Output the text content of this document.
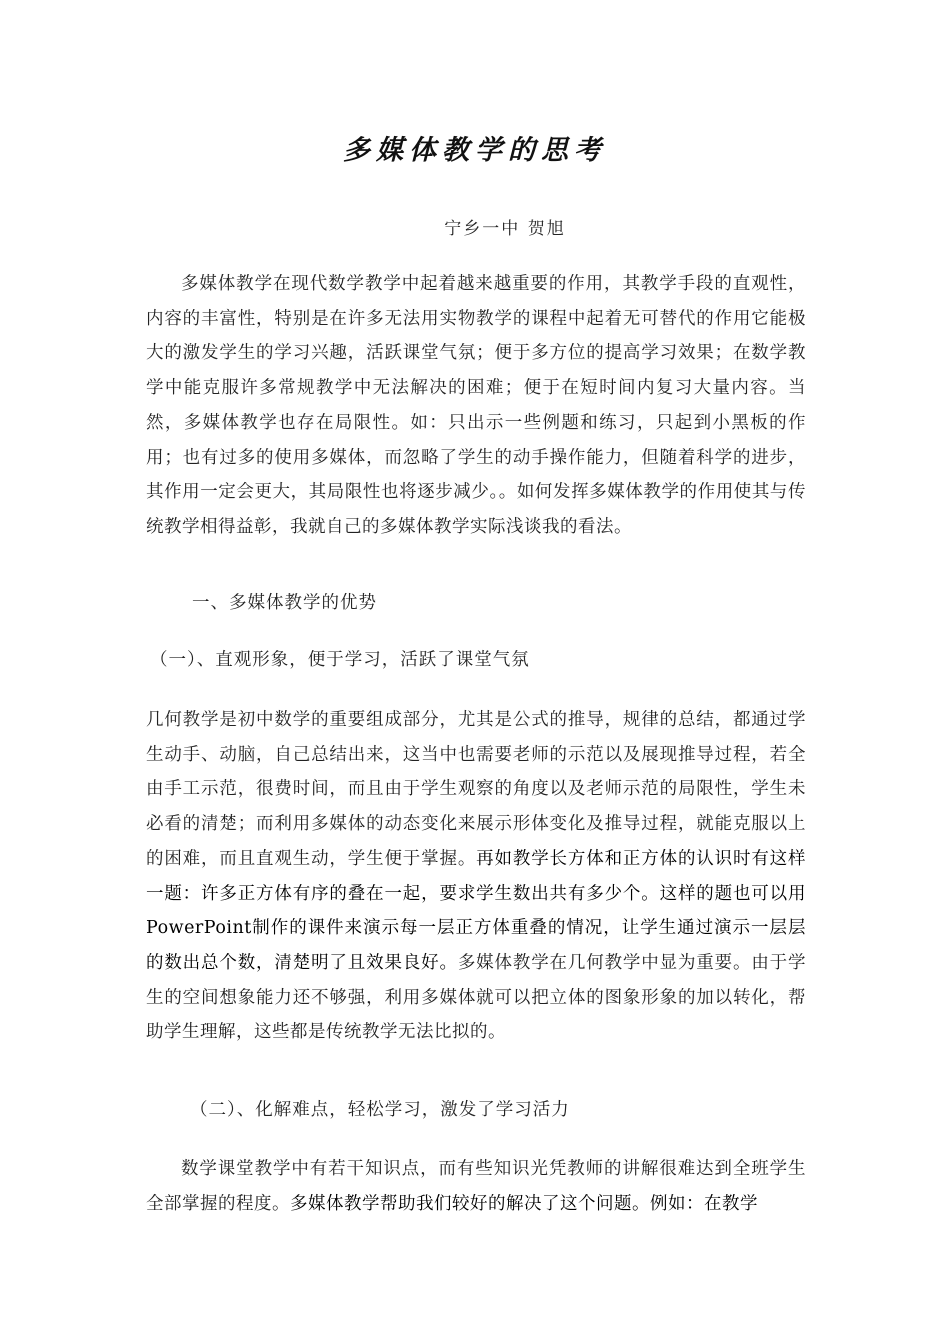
多媒体教学的思考
宁乡一中 贺旭

多媒体教学在现代数学教学中起着越来越重要的作用，其教学手段的直观性，内容的丰富性，特别是在许多无法用实物教学的课程中起着无可替代的作用它能极大的激发学生的学习兴趣，活跃课堂气氛；便于多方位的提高学习效果；在数学教学中能克服许多常规教学中无法解决的困难；便于在短时间内复习大量内容。当然，多媒体教学也存在局限性。如：只出示一些例题和练习，只起到小黑板的作用；也有过多的使用多媒体，而忽略了学生的动手操作能力，但随着科学的进步，其作用一定会更大，其局限性也将逐步减少。。如何发挥多媒体教学的作用使其与传统教学相得益彰，我就自己的多媒体教学实际浅谈我的看法。

一、多媒体教学的优势

（一）、直观形象，便于学习，活跃了课堂气氛

几何教学是初中数学的重要组成部分，尤其是公式的推导，规律的总结，都通过学生动手、动脑，自己总结出来，这当中也需要老师的示范以及展现推导过程，若全由手工示范，很费时间，而且由于学生观察的角度以及老师示范的局限性，学生未必看的清楚；而利用多媒体的动态变化来展示形体变化及推导过程，就能克服以上的困难，而且直观生动，学生便于掌握。再如教学长方体和正方体的认识时有这样一题：许多正方体有序的叠在一起，要求学生数出共有多少个。这样的题也可以用PowerPoint制作的课件来演示每一层正方体重叠的情况，让学生通过演示一层层的数出总个数，清楚明了且效果良好。多媒体教学在几何教学中显为重要。由于学生的空间想象能力还不够强，利用多媒体就可以把立体的图象形象的加以转化，帮助学生理解，这些都是传统教学无法比拟的。

（二）、化解难点，轻松学习，激发了学习活力

数学课堂教学中有若干知识点，而有些知识光凭教师的讲解很难达到全班学生全部掌握的程度。多媒体教学帮助我们较好的解决了这个问题。例如：在教学
